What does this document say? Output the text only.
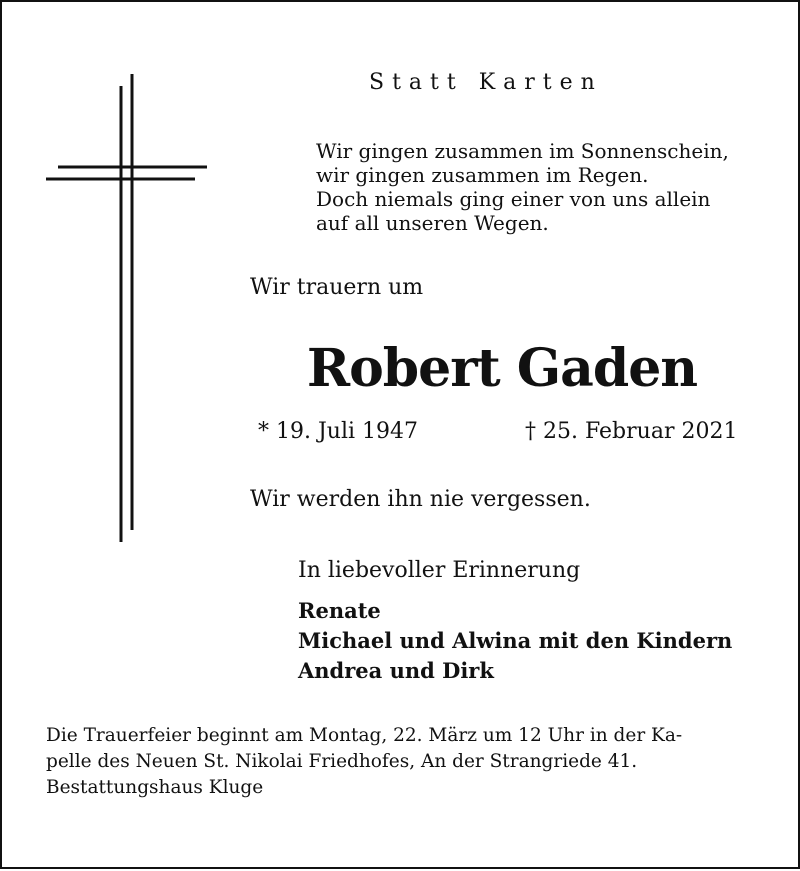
Statt Karten
Wir gingen zusammen im Sonnenschein,
wir gingen zusammen im Regen.
Doch niemals ging einer von uns allein
auf all unseren Wegen.
Wir trauern um
Robert Gaden
* 19. Juli 1947	† 25. Februar 2021
Wir werden ihn nie vergessen.
In liebevoller Erinnerung
Renate
Michael und Alwina mit den Kindern
Andrea und Dirk
Die Trauerfeier beginnt am Montag, 22. März um 12 Uhr in der Ka-
pelle des Neuen St. Nikolai Friedhofes, An der Strangriede 41.
Bestattungshaus Kluge
